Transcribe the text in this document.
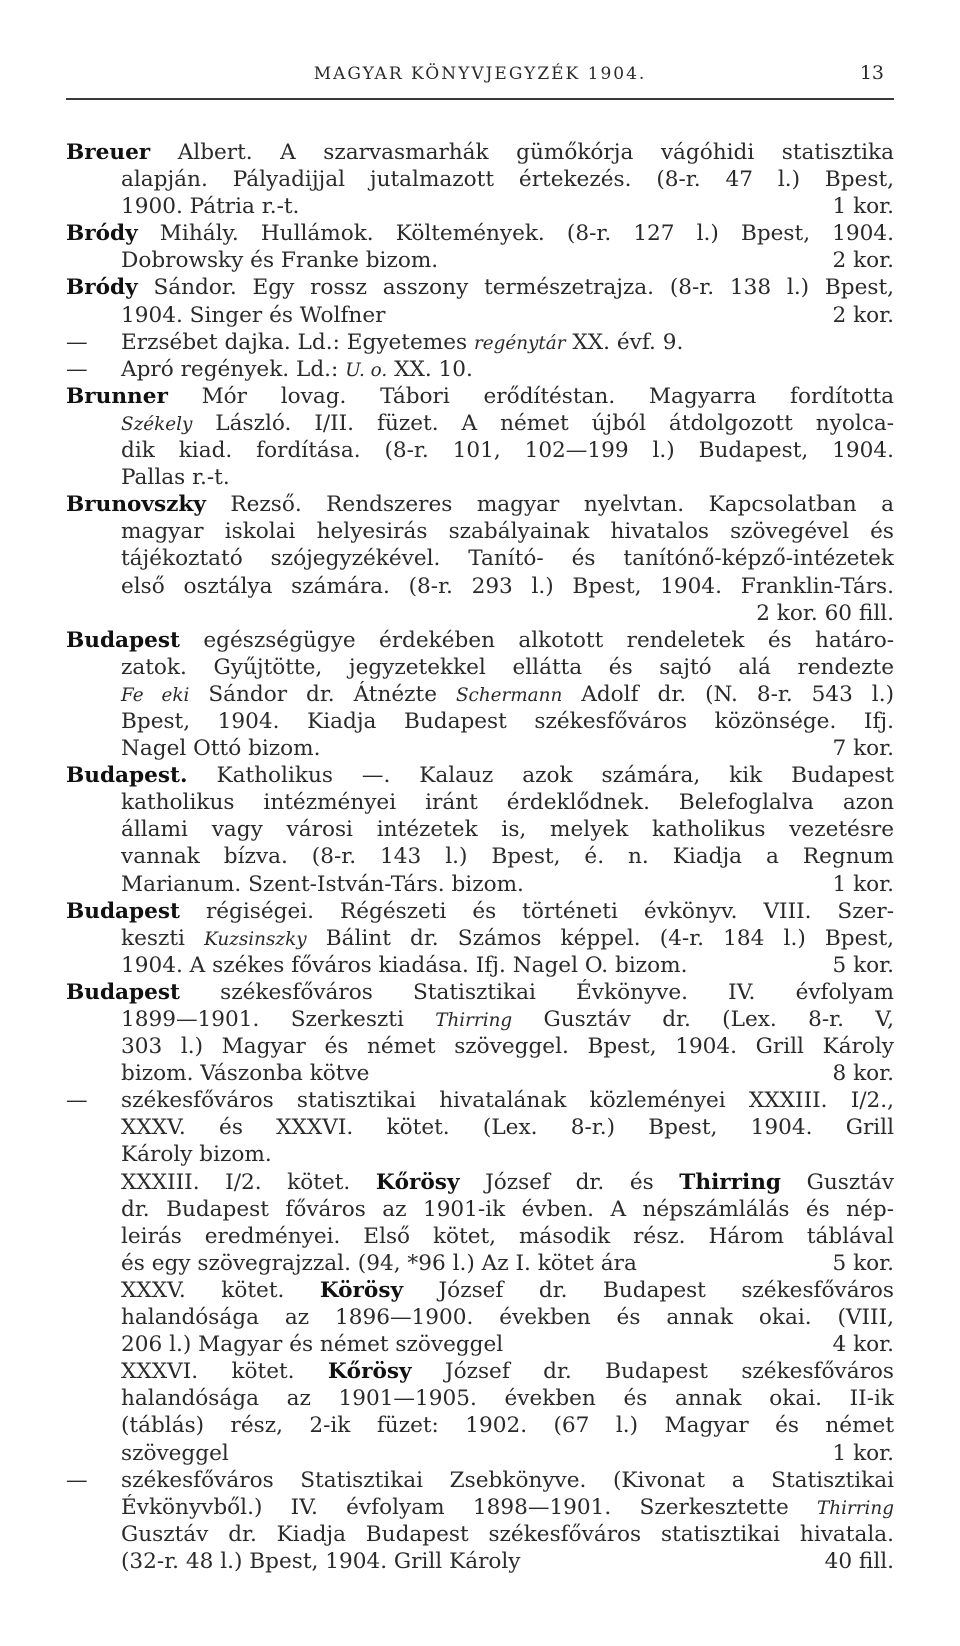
MAGYAR KÖNYVJEGYZÉK 1904.	13
Breuer Albert. A szarvasmarhák gümőkórja vágóhidi statisztika
alapján. Pályadijjal jutalmazott értekezés. (8-r. 47 l.) Bpest,
1900. Pátria r.-t.	1 kor.
Bródy Mihály. Hullámok. Költemények. (8-r. 127 l.) Bpest, 1904.
Dobrowsky és Franke bizom.	2 kor.
Bródy Sándor. Egy rossz asszony természetrajza. (8-r. 138 l.) Bpest,
1904. Singer és Wolfner	2 kor.
—	Erzsébet dajka. Ld.: Egyetemes regénytár XX. évf. 9.
—	Apró regények. Ld.: U. o. XX. 10.
Brunner Mór lovag. Tábori erődítéstan. Magyarra fordította
Székely László. I/II. füzet. A német újból átdolgozott nyolca-
dik kiad. fordítása. (8-r. 101, 102—199 l.) Budapest, 1904.
Pallas r.-t.
Brunovszky Rezső. Rendszeres magyar nyelvtan. Kapcsolatban a
magyar iskolai helyesirás szabályainak hivatalos szövegével és
tájékoztató szójegyzékével. Tanító- és tanítónő-képző-intézetek
első osztálya számára. (8-r. 293 l.) Bpest, 1904. Franklin-Társ.
2 kor. 60 fill.
Budapest egészségügye érdekében alkotott rendeletek és határo-
zatok. Gyűjtötte, jegyzetekkel ellátta és sajtó alá rendezte
Fe eki Sándor dr. Átnézte Schermann Adolf dr. (N. 8-r. 543 l.)
Bpest, 1904. Kiadja Budapest székesfőváros közönsége. Ifj.
Nagel Ottó bizom.	7 kor.
Budapest. Katholikus —. Kalauz azok számára, kik Budapest
katholikus intézményei iránt érdeklődnek. Belefoglalva azon
állami vagy városi intézetek is, melyek katholikus vezetésre
vannak bízva. (8-r. 143 l.) Bpest, é. n. Kiadja a Regnum
Marianum. Szent-István-Társ. bizom.	1 kor.
Budapest régiségei. Régészeti és történeti évkönyv. VIII. Szer-
keszti Kuzsinszky Bálint dr. Számos képpel. (4-r. 184 l.) Bpest,
1904. A székes főváros kiadása. Ifj. Nagel O. bizom.	5 kor.
Budapest székesfőváros Statisztikai Évkönyve. IV. évfolyam
1899—1901. Szerkeszti Thirring Gusztáv dr. (Lex. 8-r. V,
303 l.) Magyar és német szöveggel. Bpest, 1904. Grill Károly
bizom. Vászonba kötve	8 kor.
—	székesfőváros statisztikai hivatalának közleményei XXXIII. I/2.,
XXXV. és XXXVI. kötet. (Lex. 8-r.) Bpest, 1904. Grill
Károly bizom.
XXXIII. I/2. kötet. Kőrösy József dr. és Thirring Gusztáv
dr. Budapest főváros az 1901-ik évben. A népszámlálás és nép-
leirás eredményei. Első kötet, második rész. Három táblával
és egy szövegrajzzal. (94, *96 l.) Az I. kötet ára	5 kor.
XXXV. kötet. Körösy József dr. Budapest székesfőváros
halandósága az 1896—1900. években és annak okai. (VIII,
206 l.) Magyar és német szöveggel	4 kor.
XXXVI. kötet. Kőrösy József dr. Budapest székesfőváros
halandósága az 1901—1905. években és annak okai. II-ik
(táblás) rész, 2-ik füzet: 1902. (67 l.) Magyar és német
szöveggel	1 kor.
—	székesfőváros Statisztikai Zsebkönyve. (Kivonat a Statisztikai
Évkönyvből.) IV. évfolyam 1898—1901. Szerkesztette Thirring
Gusztáv dr. Kiadja Budapest székesfőváros statisztikai hivatala.
(32-r. 48 l.) Bpest, 1904. Grill Károly	40 fill.
